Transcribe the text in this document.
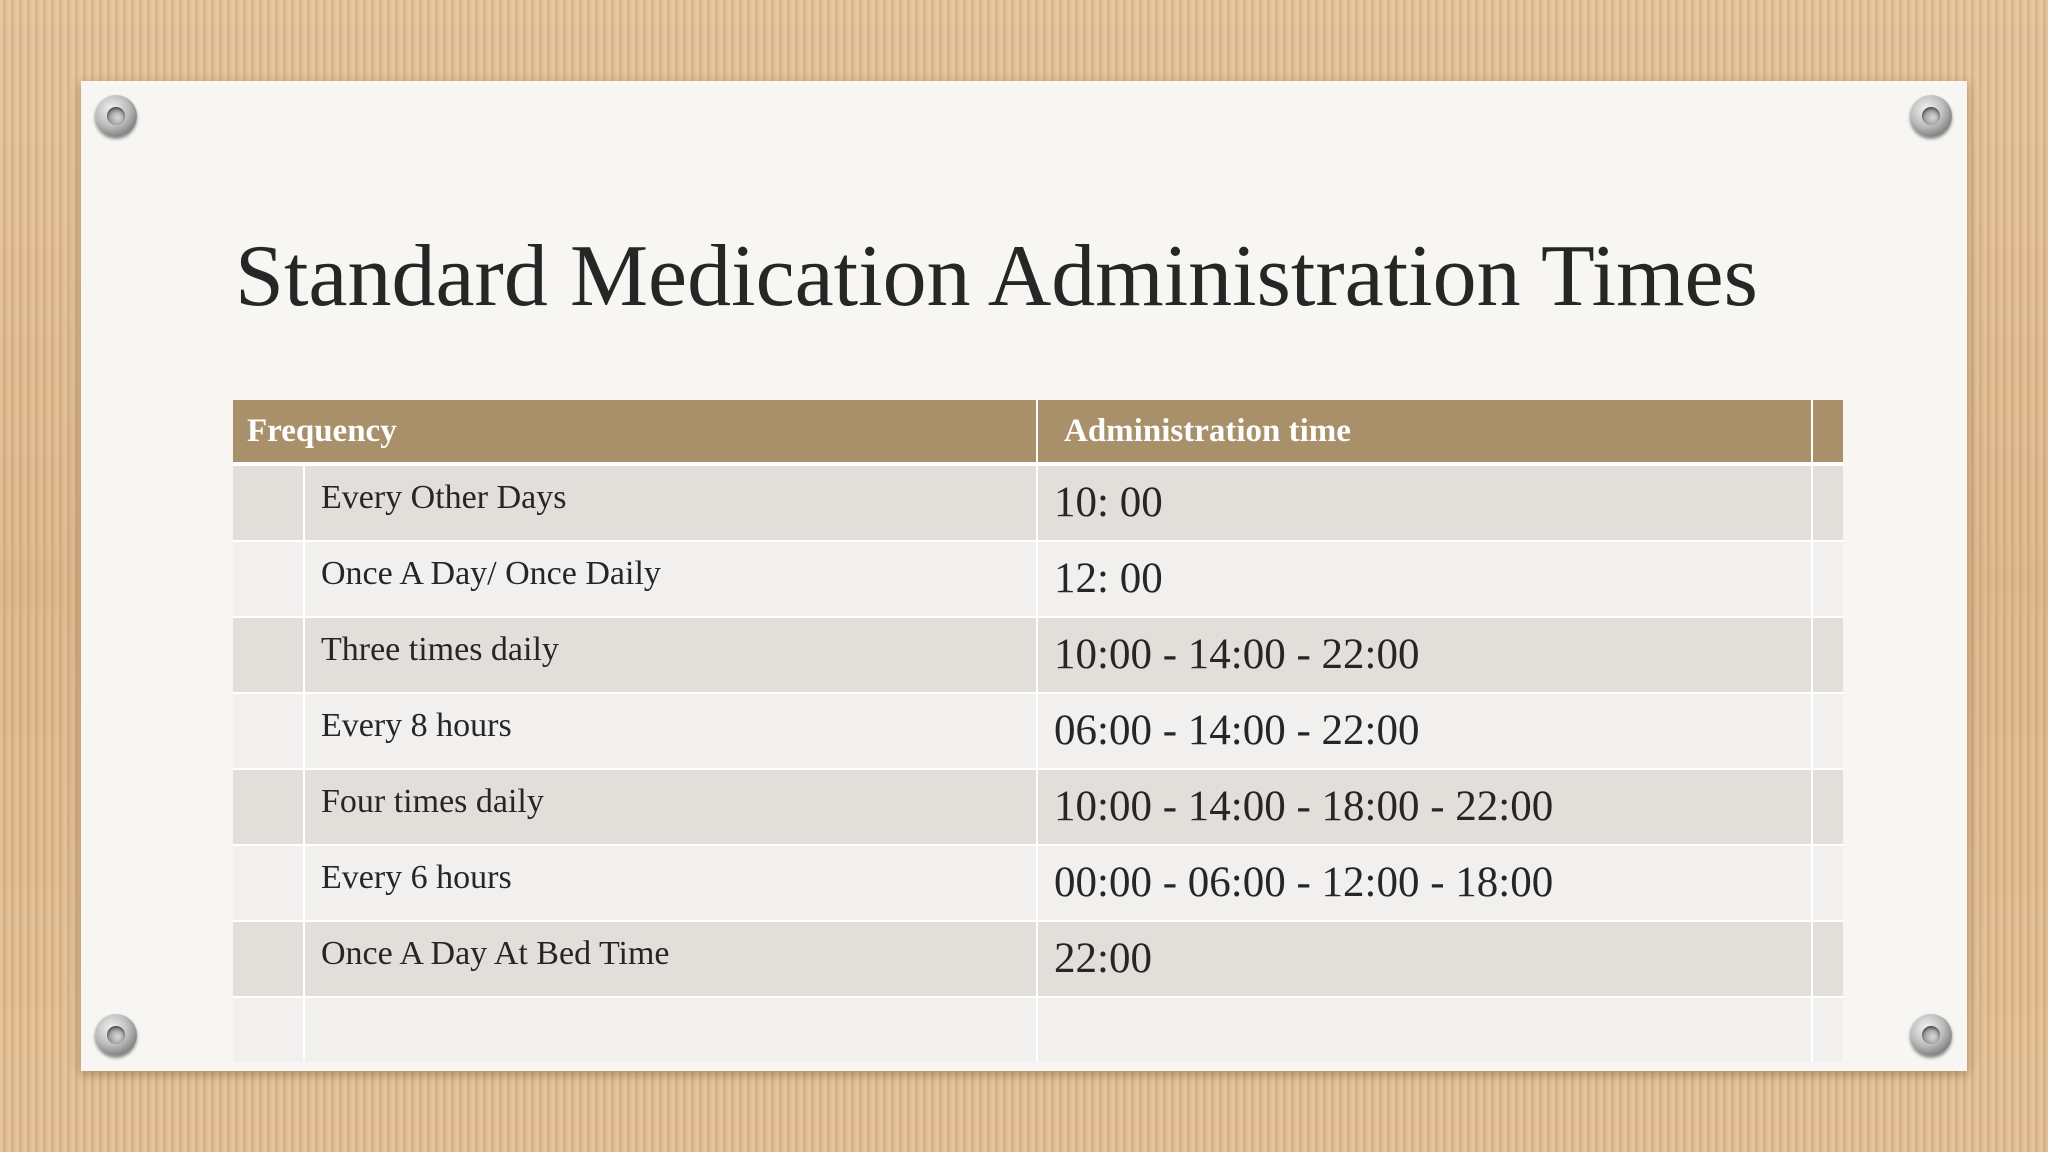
Standard Medication Administration Times
Frequency	Administration time
Every Other Days	10: 00
Once A Day/ Once Daily	12: 00
Three times daily	10:00 - 14:00 - 22:00
Every 8 hours	06:00 - 14:00 - 22:00
Four times daily	10:00 - 14:00 - 18:00 - 22:00
Every 6 hours	00:00 - 06:00 - 12:00 - 18:00
Once A Day At Bed Time	22:00
